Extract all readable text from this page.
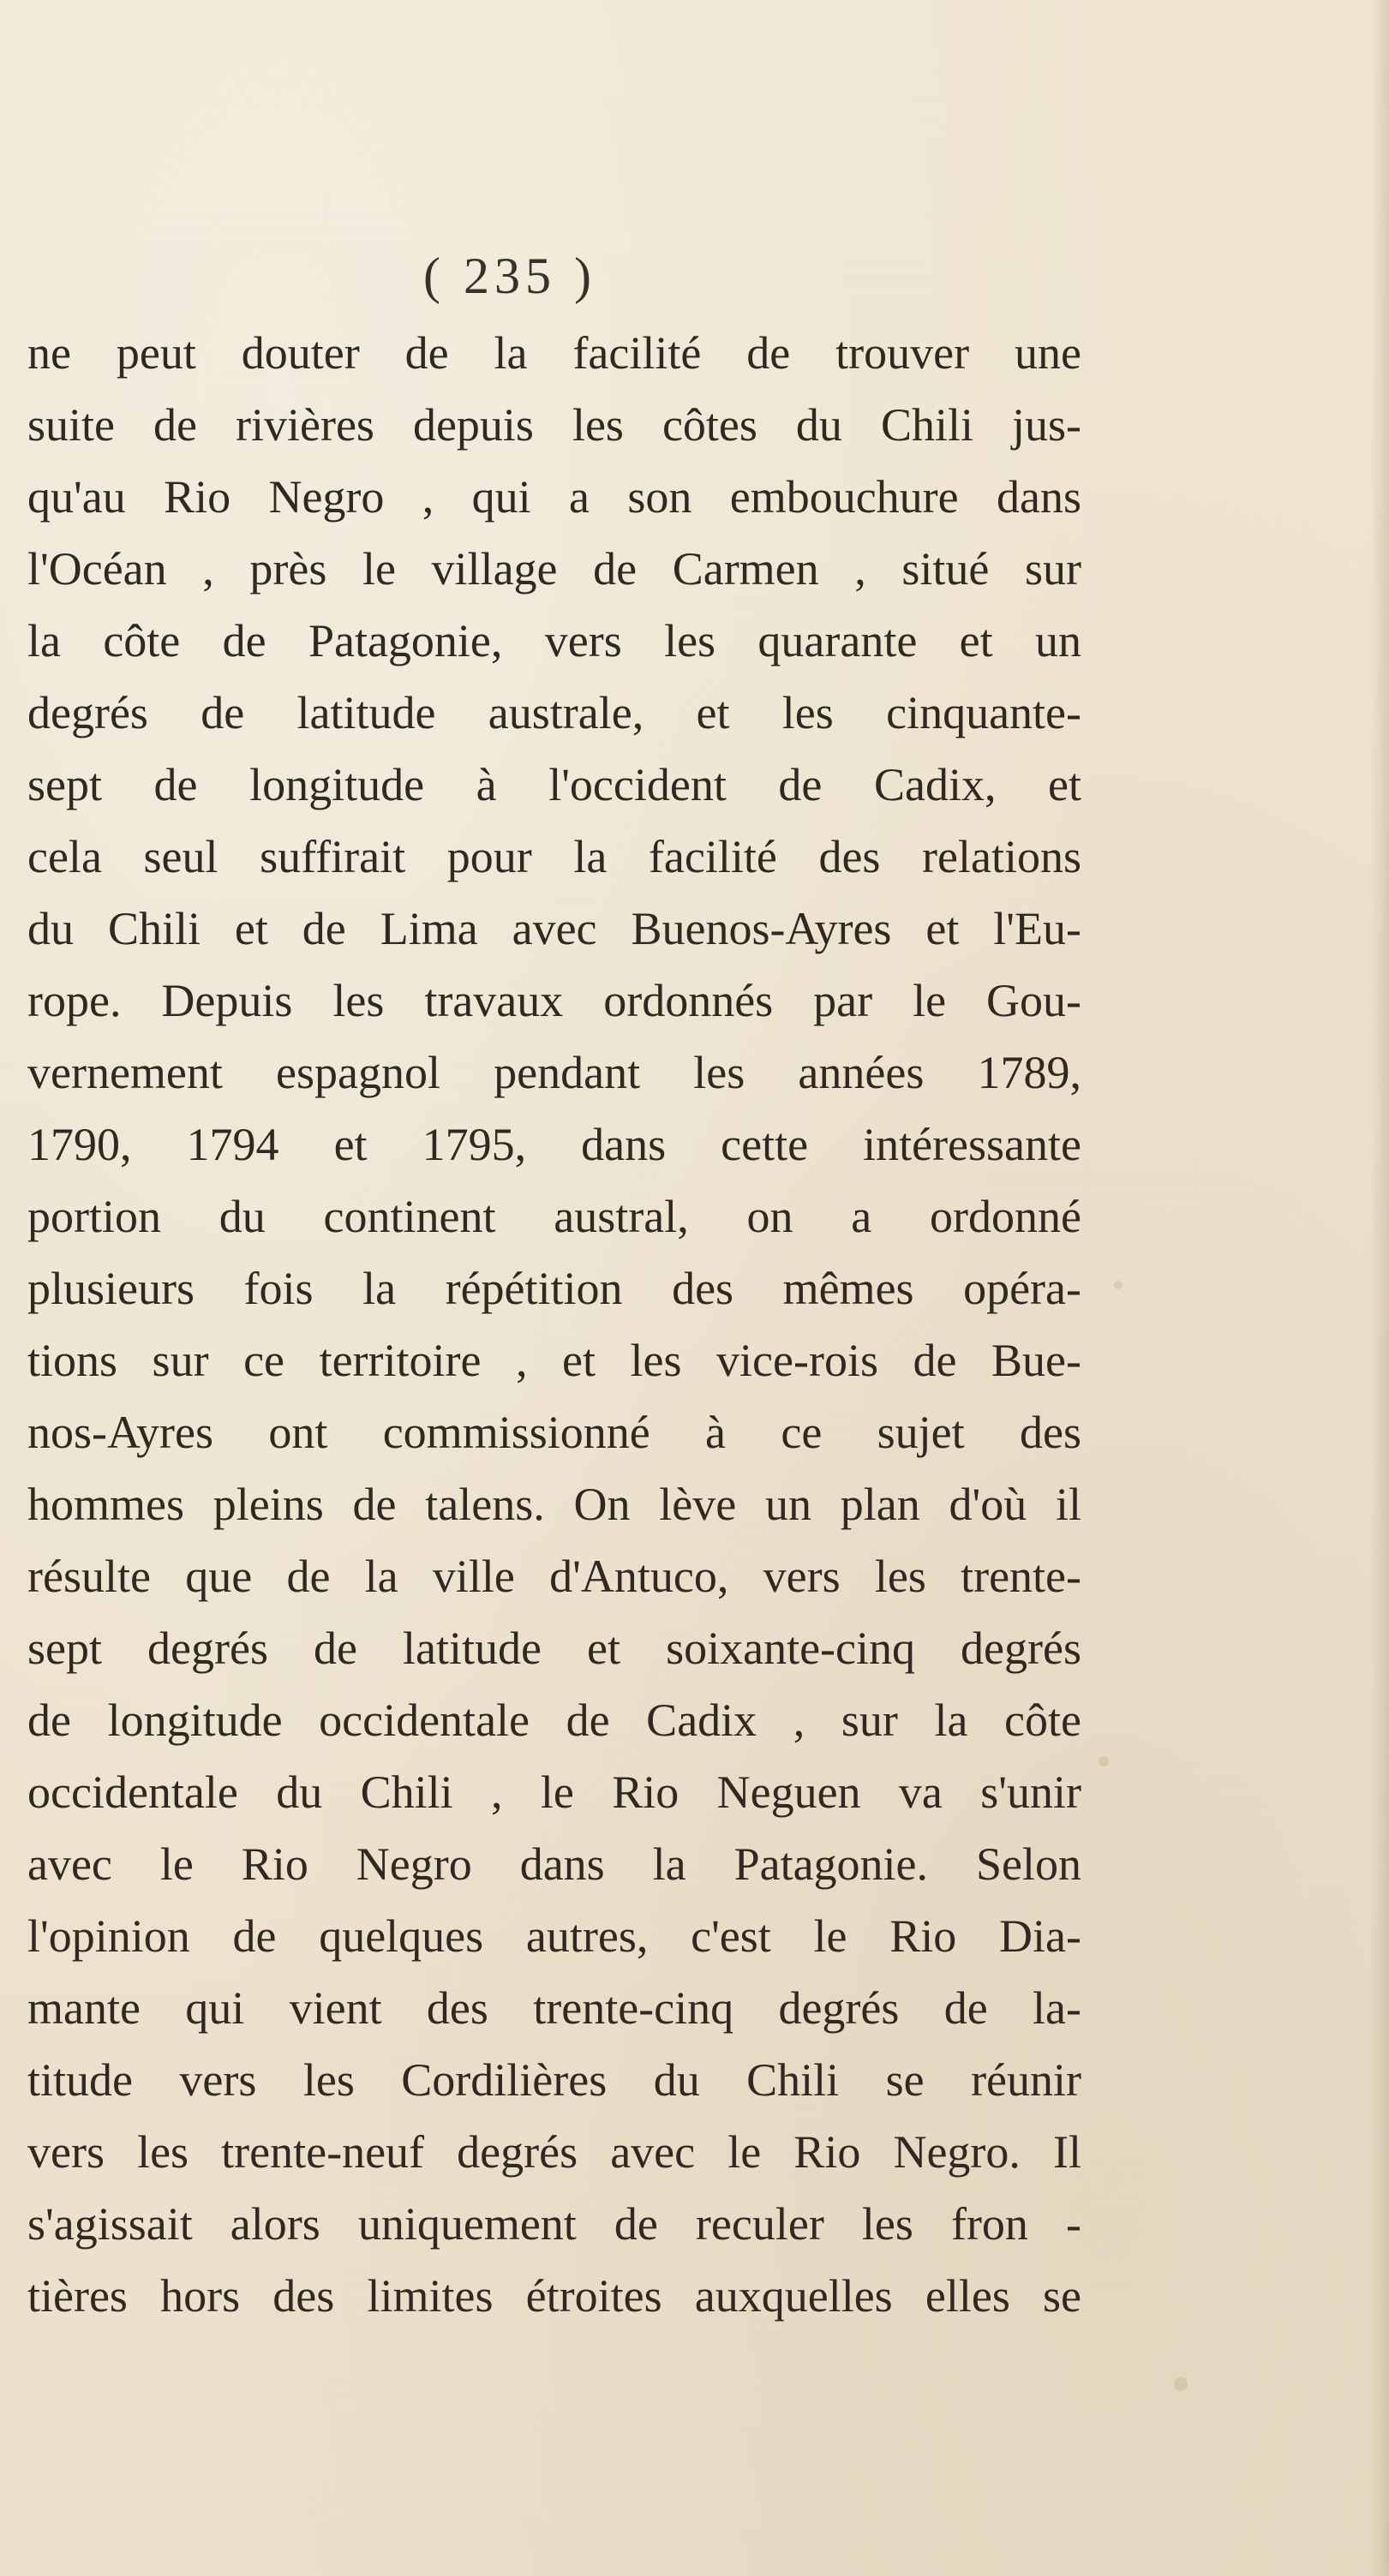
( 235 )
ne peut douter de la facilité de trouver une
suite de rivières depuis les côtes du Chili jus-
qu'au Rio Negro , qui a son embouchure dans
l'Océan , près le village de Carmen , situé sur
la côte de Patagonie, vers les quarante et un
degrés de latitude australe, et les cinquante-
sept de longitude à l'occident de Cadix, et
cela seul suffirait pour la facilité des relations
du Chili et de Lima avec Buenos-Ayres et l'Eu-
rope. Depuis les travaux ordonnés par le Gou-
vernement espagnol pendant les années 1789,
1790, 1794 et 1795, dans cette intéressante
portion du continent austral, on a ordonné
plusieurs fois la répétition des mêmes opéra-
tions sur ce territoire , et les vice-rois de Bue-
nos-Ayres ont commissionné à ce sujet des
hommes pleins de talens. On lève un plan d'où il
résulte que de la ville d'Antuco, vers les trente-
sept degrés de latitude et soixante-cinq degrés
de longitude occidentale de Cadix , sur la côte
occidentale du Chili , le Rio Neguen va s'unir
avec le Rio Negro dans la Patagonie. Selon
l'opinion de quelques autres, c'est le Rio Dia-
mante qui vient des trente-cinq degrés de la-
titude vers les Cordilières du Chili se réunir
vers les trente-neuf degrés avec le Rio Negro. Il
s'agissait alors uniquement de reculer les fron -
tières hors des limites étroites auxquelles elles se
